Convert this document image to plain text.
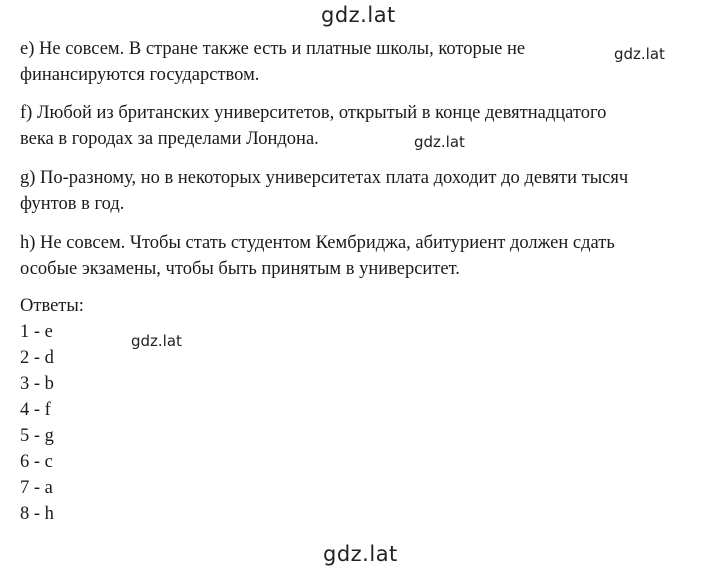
gdz.lat
gdz.lat
gdz.lat
gdz.lat
gdz.lat
e) Не совсем. В стране также есть и платные школы, которые не
финансируются государством.
f) Любой из британских университетов, открытый в конце девятнадцатого
века в городах за пределами Лондона.
g) По-разному, но в некоторых университетах плата доходит до девяти тысяч
фунтов в год.
h) Не совсем. Чтобы стать студентом Кембриджа, абитуриент должен сдать
особые экзамены, чтобы быть принятым в университет.
Ответы:
1 - e
2 - d
3 - b
4 - f
5 - g
6 - c
7 - a
8 - h
